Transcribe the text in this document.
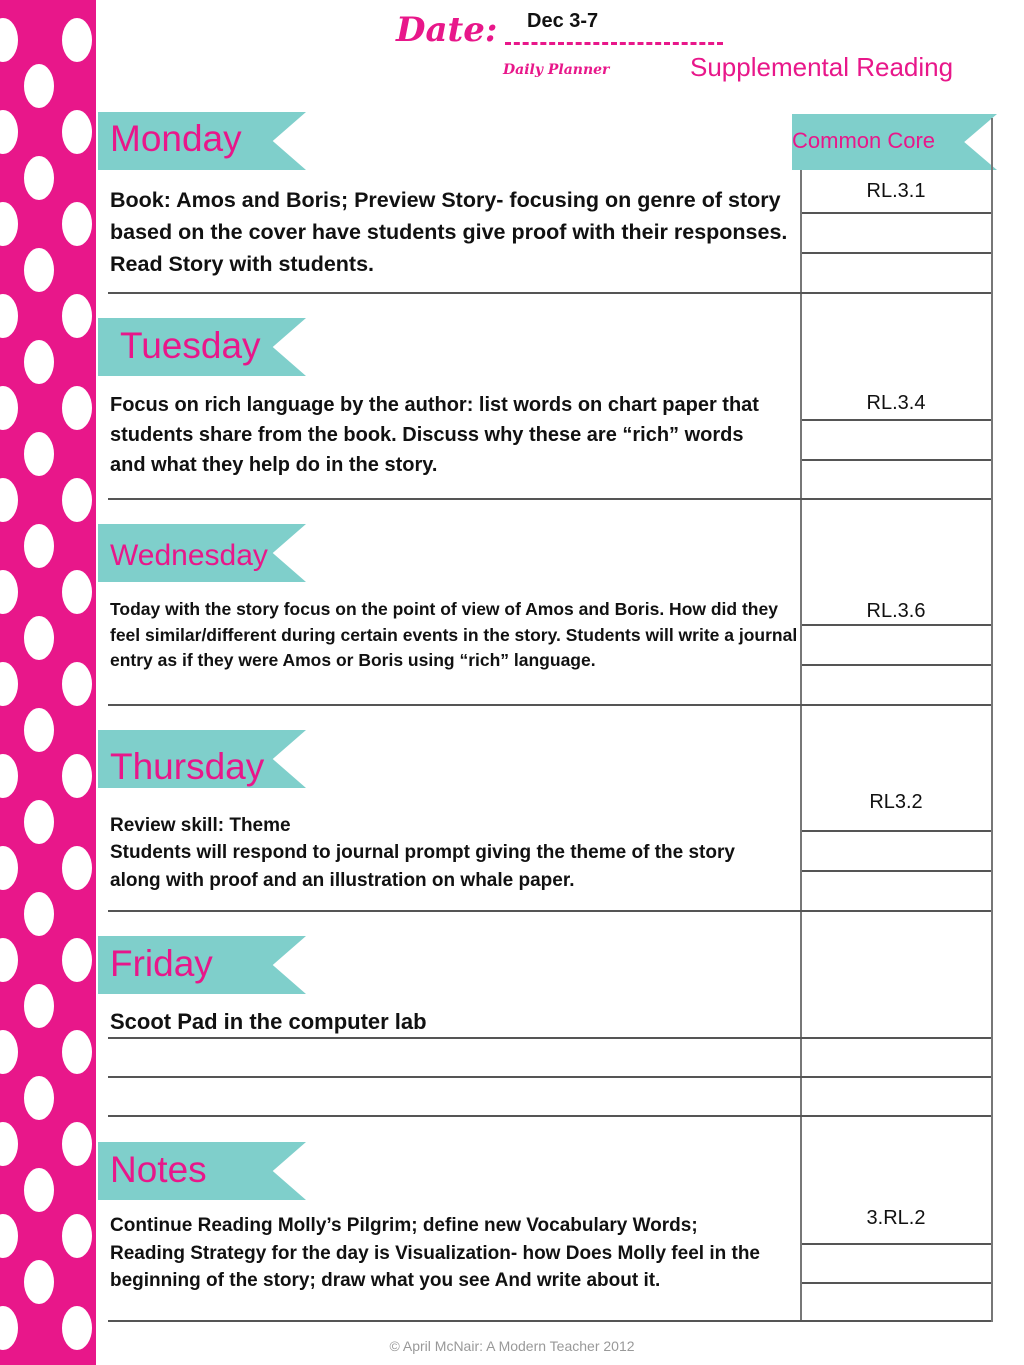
Date: Dec 3-7
Daily Planner	Supplemental Reading
Common Core
Monday

Book: Amos and Boris; Preview Story- focusing on genre of story based on the cover have students give proof with their responses. Read Story with students.

RL.3.1
Tuesday

Focus on rich language by the author: list words on chart paper that students share from the book. Discuss why these are “rich” words and what they help do in the story.

RL.3.4
Wednesday

Today with the story focus on the point of view of Amos and Boris. How did they feel similar/different during certain events in the story. Students will write a journal entry as if they were Amos or Boris using “rich” language.

RL.3.6
Thursday

Review skill: Theme

Students will respond to journal prompt giving the theme of the story along with proof and an illustration on whale paper.

RL3.2
Friday

Scoot Pad in the computer lab

Notes

Continue Reading Molly’s Pilgrim; define new Vocabulary Words; Reading Strategy for the day is Visualization- how Does Molly feel in the beginning of the story; draw what you see And write about it.

3.RL.2
© April McNair: A Modern Teacher 2012
